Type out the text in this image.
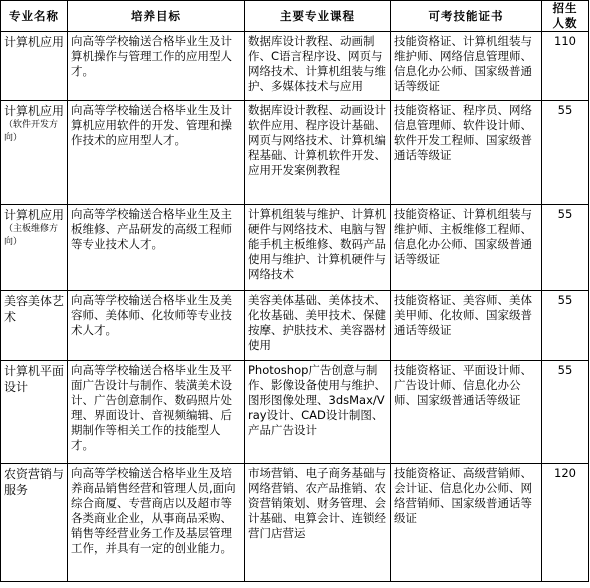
专业名称	培养目标	主要专业课程	可考技能证书	招生
人数

计算机应用	向高等学校输送合格毕业生及计算机操作与管理工作的应用型人才。	数据库设计教程、动画制作、C语言程序设、网页与网络技术、计算机组装与维护、多媒体技术与应用	技能资格证、计算机组装与维护师、网络信息管理师、信息化办公师、国家级普通话等级证	110

计算机应用
（软件开发方向）	向高等学校输送合格毕业生及计算机应用软件的开发、管理和操作技术的应用型人才。	数据库设计教程、动画设计软件应用、程序设计基础、网页与网络技术、计算机编程基础、计算机软件开发、应用开发案例教程	技能资格证、程序员、网络信息管理师、软件设计师、软件开发工程师、国家级普通话等级证	55

计算机应用
（主板维修方向）	向高等学校输送合格毕业生及主板维修、产品研发的高级工程师等专业技术人才。	计算机组装与维护、计算机硬件与网络技术、电脑与智能手机主板维修、数码产品使用与维护、计算机硬件与网络技术	技能资格证、计算机组装与维护师、主板维修工程师、信息化办公师、国家级普通话等级证	55

美容美体艺术	向高等学校输送合格毕业生及美容师、美体师、化妆师等专业技术人才。	美容美体基础、美体技术、化妆基础、美甲技术、保健按摩、护肤技术、美容器材使用	技能资格证、美容师、美体美甲师、化妆师、国家级普通话等级证	55

计算机平面设计	向高等学校输送合格毕业生及平面广告设计与制作、装潢美术设计、广告创意制作、数码照片处理、界面设计、音视频编辑、后期制作等相关工作的技能型人才。	Photoshop广告创意与制作、影像设备使用与维护、图形图像处理、3dsMax/Vray设计、CAD设计制图、产品广告设计	技能资格证、平面设计师、广告设计师、信息化办公师、国家级普通话等级证	55

农资营销与服务	向高等学校输送合格毕业生及培养商品销售经营和管理人员,面向综合商厦、专营商店以及超市等各类商业企业，从事商品采购、销售等经营业务工作及基层管理工作，并具有一定的创业能力。	市场营销、电子商务基础与网络营销、农产品推销、农资营销策划、财务管理、会计基础、电算会计、连锁经营门店营运	技能资格证、高级营销师、会计证、信息化办公师、网络营销师、国家级普通话等级证	120
